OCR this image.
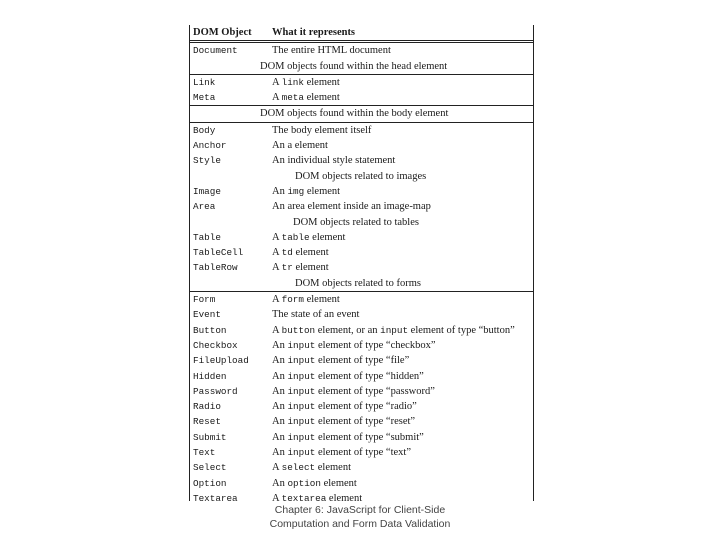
DOM Object What it represents
Document	The entire HTML document
DOM objects found within the head element
Link	A link element
Meta	A meta element
DOM objects found within the body element
Body	The body element itself
Anchor	An a element
Style	An individual style statement
DOM objects related to images
Image	An img element
Area	An area element inside an image-map
DOM objects related to tables
Table	A table element
TableCell	A td element
TableRow	A tr element
DOM objects related to forms
Form	A form element
Event	The state of an event
Button	A button element, or an input element of type “button”
Checkbox	An input element of type “checkbox”
FileUpload An input element of type “file”
Hidden	An input element of type “hidden”
Password	An input element of type “password”
Radio	An input element of type “radio”
Reset	An input element of type “reset”
Submit	An input element of type “submit”
Text	An input element of type “text”
Select	A select element
Option	An option element
Textarea	A textarea element
Chapter 6: JavaScript for Client-Side
Computation and Form Data Validation
